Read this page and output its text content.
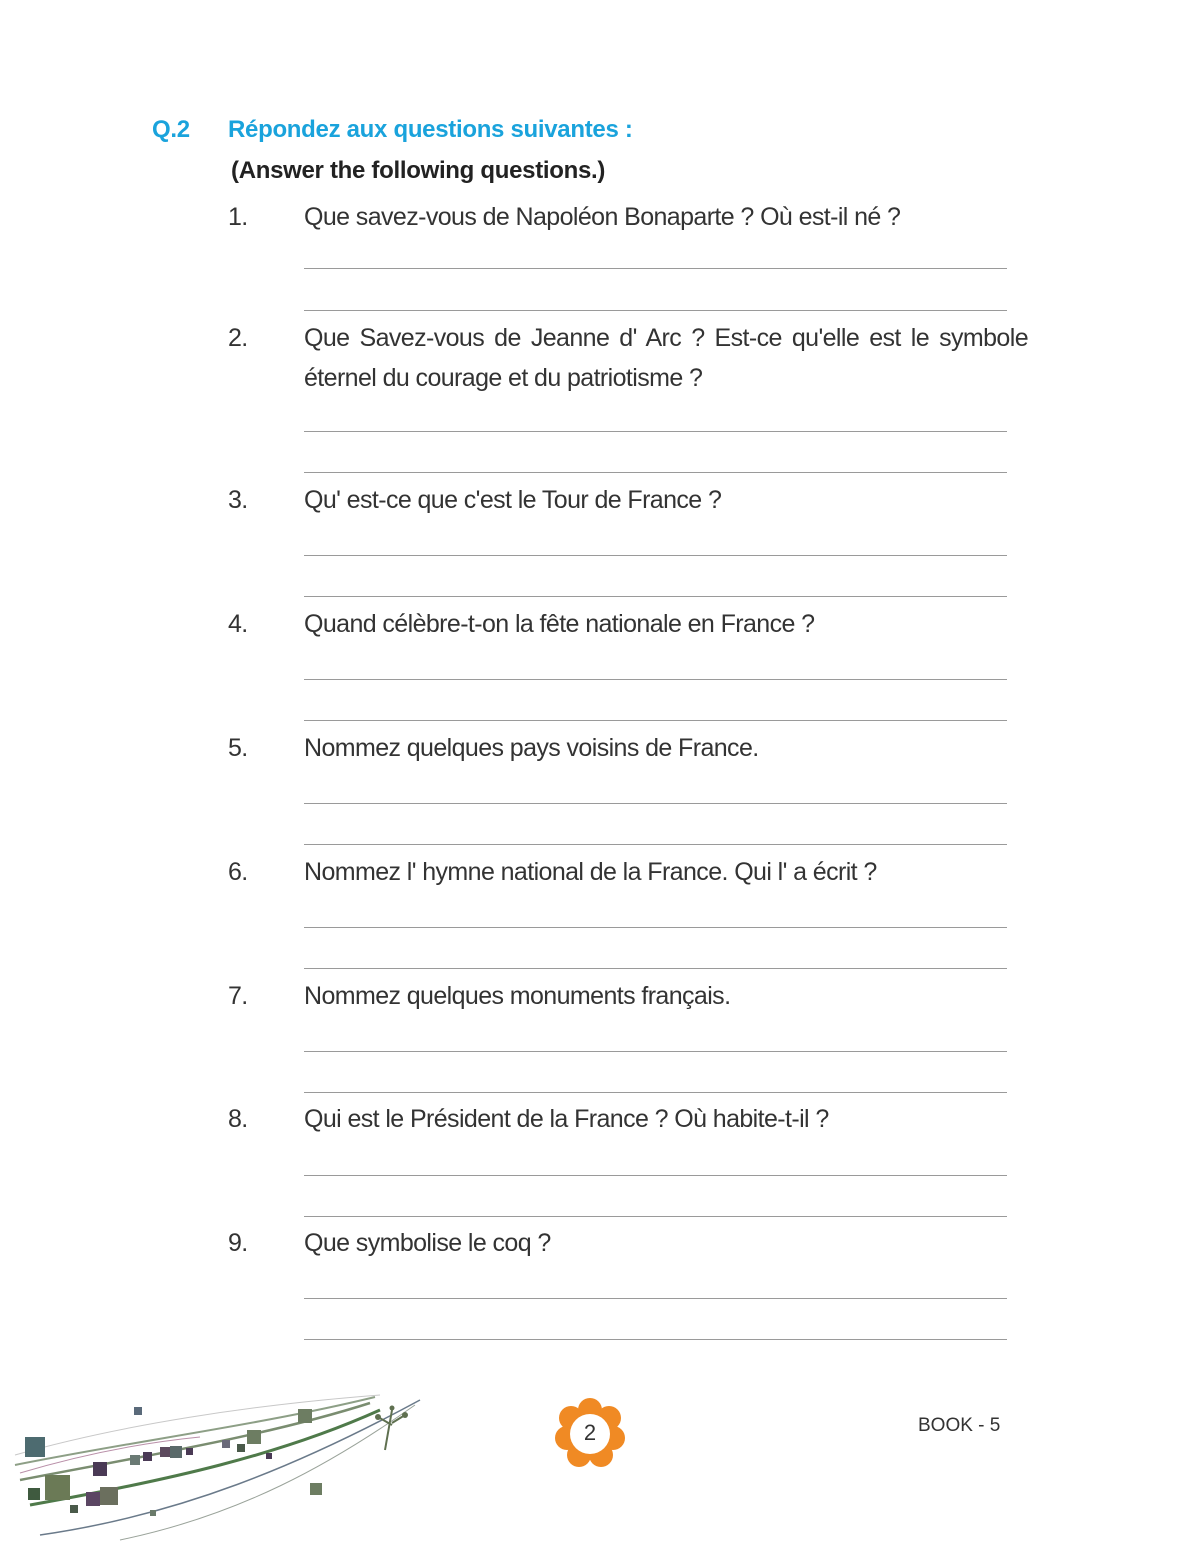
Q.2 Répondez aux questions suivantes :
(Answer the following questions.)
1.	Que savez-vous de Napoléon Bonaparte ? Où est-il né ?
2.	Que Savez-vous de Jeanne d' Arc ? Est-ce qu'elle est le symbole éternel du courage et du patriotisme ?
3.	Qu' est-ce que c'est le Tour de France ?
4.	Quand célèbre-t-on la fête nationale en France ?
5.	Nommez quelques pays voisins de France.
6.	Nommez l' hymne national de la France. Qui l' a écrit ?
7.	Nommez quelques monuments français.
8.	Qui est le Président de la France ? Où habite-t-il ?
9.	Que symbolise le coq ?
2	BOOK - 5
